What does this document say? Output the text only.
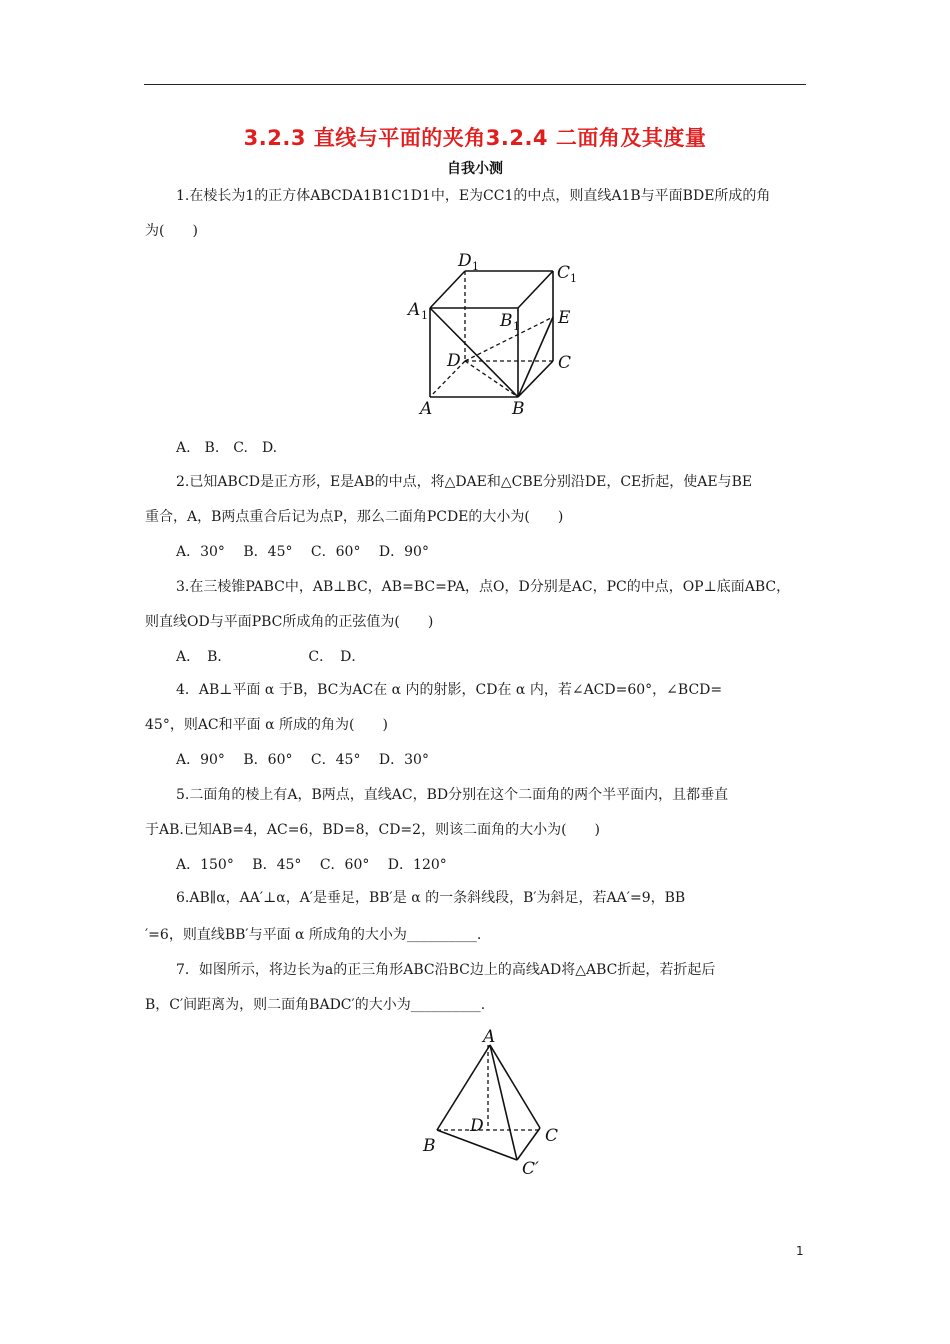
3.2.3 直线与平面的夹角3.2.4 二面角及其度量
自我小测
1.在棱长为1的正方体ABCDA1B1C1D1中，E为CC1的中点，则直线A1B与平面BDE所成的角
为(　　)
D 1	C 1
A 1	B 1 E
D	C
A	B
A.　B.　C.　D.
2.已知ABCD是正方形，E是AB的中点，将△DAE和△CBE分别沿DE，CE折起，使AE与BE
重合，A，B两点重合后记为点P，那么二面角PCDE的大小为(　　)
A．30°　 B．45°　 C．60°　 D．90°
3.在三棱锥PABC中，AB⊥BC，AB=BC=PA，点O，D分别是AC，PC的中点，OP⊥底面ABC，
则直线OD与平面PBC所成角的正弦值为(　　)
A．　B．　　　　　　C．　D．
4．AB⊥平面 α 于B，BC为AC在 α 内的射影，CD在 α 内，若∠ACD=60°，∠BCD=
45°，则AC和平面 α 所成的角为(　　)
A．90°　 B．60°　 C．45°　 D．30°
5.二面角的棱上有A，B两点，直线AC，BD分别在这个二面角的两个半平面内，且都垂直
于AB.已知AB=4，AC=6，BD=8，CD=2，则该二面角的大小为(　　)
A．150°　 B．45°　 C．60°　 D．120°
6.AB∥α，AA′⊥α，A′是垂足，BB′是 α 的一条斜线段，B′为斜足，若AA′=9，BB
′=6，则直线BB′与平面 α 所成角的大小为__________.
7．如图所示，将边长为a的正三角形ABC沿BC边上的高线AD将△ABC折起，若折起后
B，C′间距离为，则二面角BADC′的大小为__________.
A
D	C
B
C′
1
